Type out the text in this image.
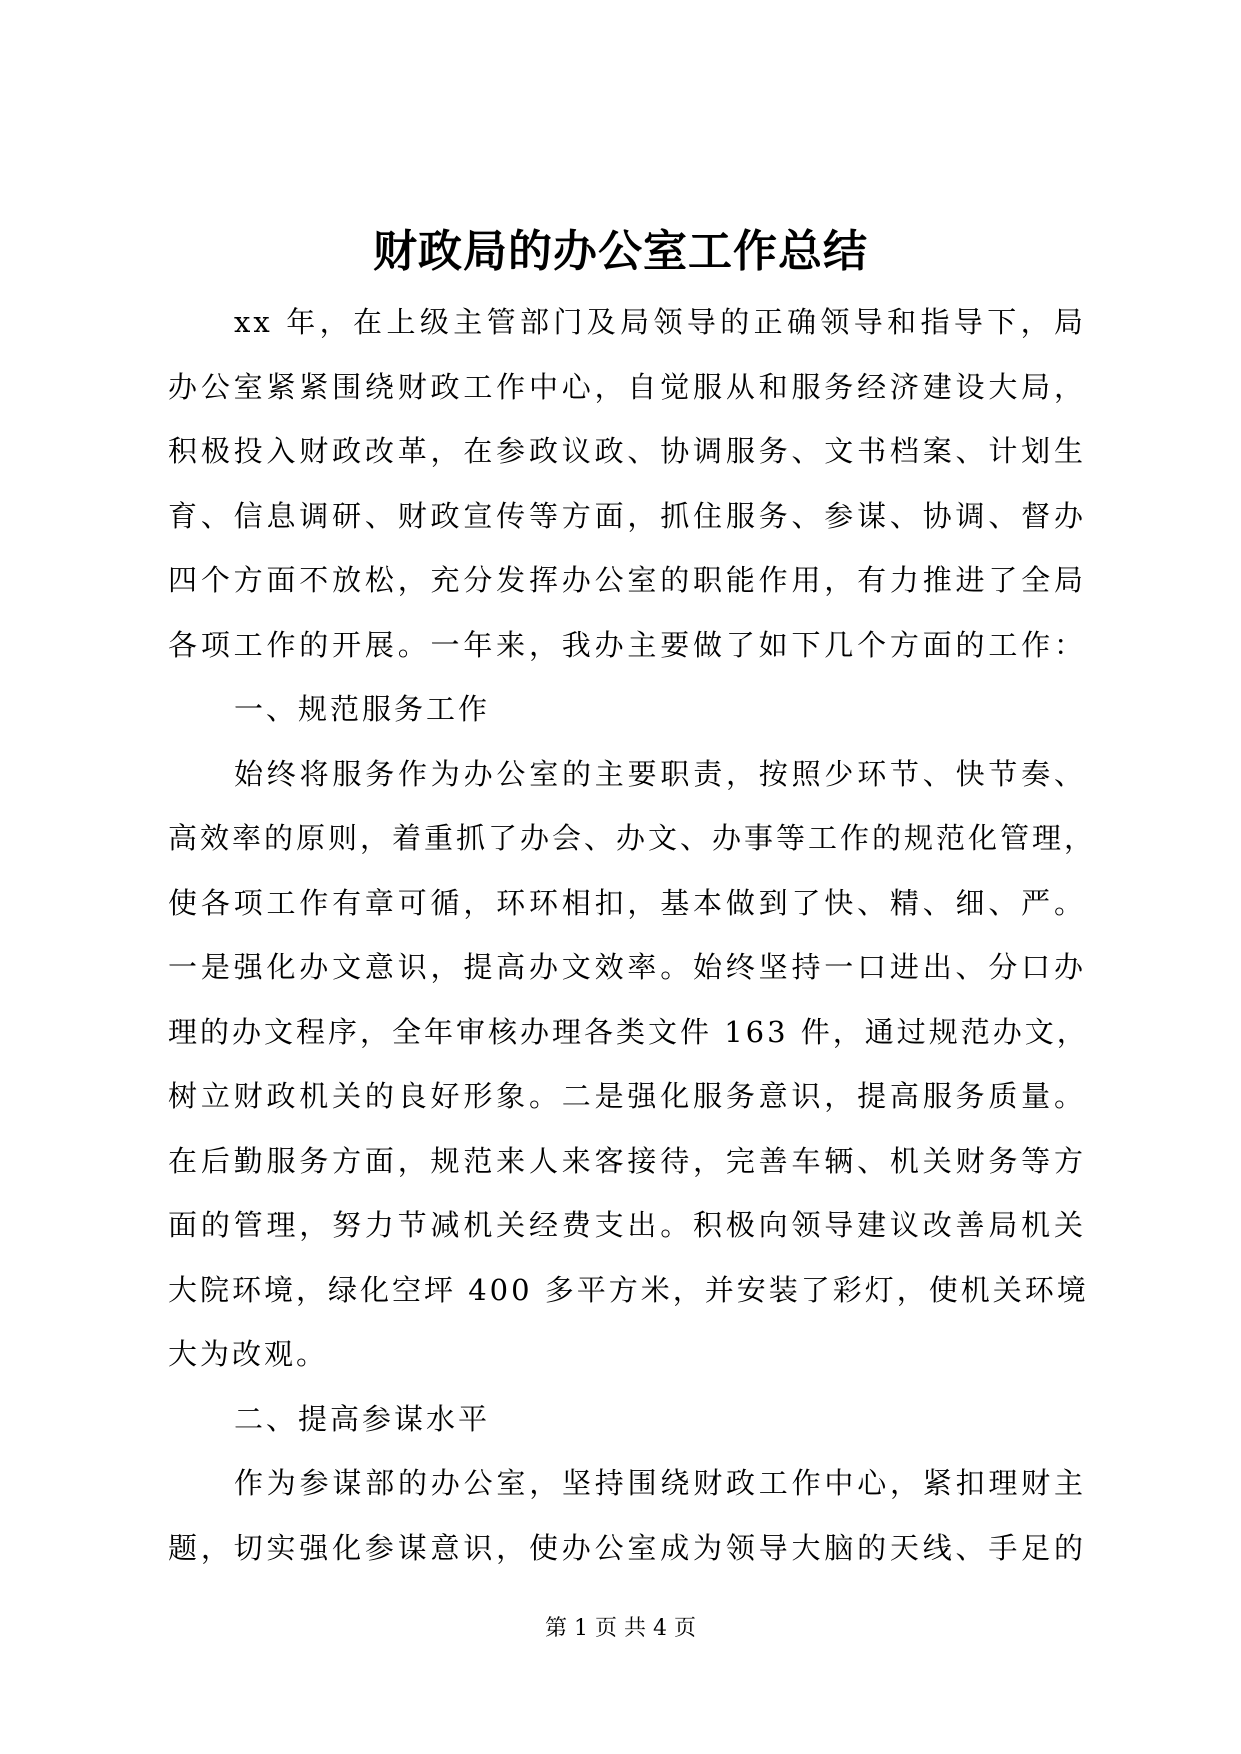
财政局的办公室工作总结
xx 年，在上级主管部门及局领导的正确领导和指导下，局
办公室紧紧围绕财政工作中心，自觉服从和服务经济建设大局，
积极投入财政改革，在参政议政、协调服务、文书档案、计划生
育、信息调研、财政宣传等方面，抓住服务、参谋、协调、督办
四个方面不放松，充分发挥办公室的职能作用，有力推进了全局
各项工作的开展。一年来，我办主要做了如下几个方面的工作：
一、规范服务工作
始终将服务作为办公室的主要职责，按照少环节、快节奏、
高效率的原则，着重抓了办会、办文、办事等工作的规范化管理，
使各项工作有章可循，环环相扣，基本做到了快、精、细、严。
一是强化办文意识，提高办文效率。始终坚持一口进出、分口办
理的办文程序，全年审核办理各类文件 163 件，通过规范办文，
树立财政机关的良好形象。二是强化服务意识，提高服务质量。
在后勤服务方面，规范来人来客接待，完善车辆、机关财务等方
面的管理，努力节减机关经费支出。积极向领导建议改善局机关
大院环境，绿化空坪 400 多平方米，并安装了彩灯，使机关环境
大为改观。
二、提高参谋水平
作为参谋部的办公室，坚持围绕财政工作中心，紧扣理财主
题，切实强化参谋意识，使办公室成为领导大脑的天线、手足的
第 1 页 共 4 页
